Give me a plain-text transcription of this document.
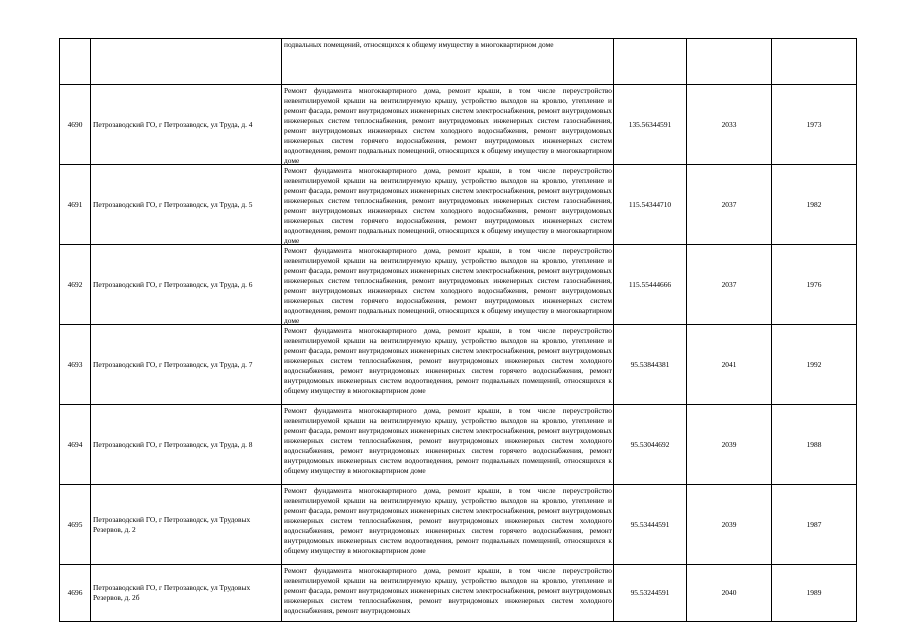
		подвальных помещений, относящихся к общему имуществу в многоквартирном доме			

4690	Петрозаводский ГО, г Петрозаводск, ул Труда, д. 4	Ремонт фундамента многоквартирного дома, ремонт крыши, в том числе переустройство невентилируемой крыши на вентилируемую крышу, устройство выходов на кровлю, утепление и ремонт фасада, ремонт внутридомовых инженерных систем электроснабжения, ремонт внутридомовых инженерных систем теплоснабжения, ремонт внутридомовых инженерных систем газоснабжения, ремонт внутридомовых инженерных систем холодного водоснабжения, ремонт внутридомовых инженерных систем горячего водоснабжения, ремонт внутридомовых инженерных систем водоотведения, ремонт подвальных помещений, относящихся к общему имуществу в многоквартирном доме	135.56344591	2033	1973
4691	Петрозаводский ГО, г Петрозаводск, ул Труда, д. 5	Ремонт фундамента многоквартирного дома, ремонт крыши, в том числе переустройство невентилируемой крыши на вентилируемую крышу, устройство выходов на кровлю, утепление и ремонт фасада, ремонт внутридомовых инженерных систем электроснабжения, ремонт внутридомовых инженерных систем теплоснабжения, ремонт внутридомовых инженерных систем газоснабжения, ремонт внутридомовых инженерных систем холодного водоснабжения, ремонт внутридомовых инженерных систем горячего водоснабжения, ремонт внутридомовых инженерных систем водоотведения, ремонт подвальных помещений, относящихся к общему имуществу в многоквартирном доме	115.54344710	2037	1982
4692	Петрозаводский ГО, г Петрозаводск, ул Труда, д. 6	Ремонт фундамента многоквартирного дома, ремонт крыши, в том числе переустройство невентилируемой крыши на вентилируемую крышу, устройство выходов на кровлю, утепление и ремонт фасада, ремонт внутридомовых инженерных систем электроснабжения, ремонт внутридомовых инженерных систем теплоснабжения, ремонт внутридомовых инженерных систем газоснабжения, ремонт внутридомовых инженерных систем холодного водоснабжения, ремонт внутридомовых инженерных систем горячего водоснабжения, ремонт внутридомовых инженерных систем водоотведения, ремонт подвальных помещений, относящихся к общему имуществу в многоквартирном доме	115.55444666	2037	1976
4693	Петрозаводский ГО, г Петрозаводск, ул Труда, д. 7	Ремонт фундамента многоквартирного дома, ремонт крыши, в том числе переустройство невентилируемой крыши на вентилируемую крышу, устройство выходов на кровлю, утепление и ремонт фасада, ремонт внутридомовых инженерных систем электроснабжения, ремонт внутридомовых инженерных систем теплоснабжения, ремонт внутридомовых инженерных систем холодного водоснабжения, ремонт внутридомовых инженерных систем горячего водоснабжения, ремонт внутридомовых инженерных систем водоотведения, ремонт подвальных помещений, относящихся к общему имуществу в многоквартирном доме	95.53844381	2041	1992
4694	Петрозаводский ГО, г Петрозаводск, ул Труда, д. 8	Ремонт фундамента многоквартирного дома, ремонт крыши, в том числе переустройство невентилируемой крыши на вентилируемую крышу, устройство выходов на кровлю, утепление и ремонт фасада, ремонт внутридомовых инженерных систем электроснабжения, ремонт внутридомовых инженерных систем теплоснабжения, ремонт внутридомовых инженерных систем холодного водоснабжения, ремонт внутридомовых инженерных систем горячего водоснабжения, ремонт внутридомовых инженерных систем водоотведения, ремонт подвальных помещений, относящихся к общему имуществу в многоквартирном доме	95.53044692	2039	1988
4695	Петрозаводский ГО, г Петрозаводск, ул Трудовых Резервов, д. 2	Ремонт фундамента многоквартирного дома, ремонт крыши, в том числе переустройство невентилируемой крыши на вентилируемую крышу, устройство выходов на кровлю, утепление и ремонт фасада, ремонт внутридомовых инженерных систем электроснабжения, ремонт внутридомовых инженерных систем теплоснабжения, ремонт внутридомовых инженерных систем холодного водоснабжения, ремонт внутридомовых инженерных систем горячего водоснабжения, ремонт внутридомовых инженерных систем водоотведения, ремонт подвальных помещений, относящихся к общему имуществу в многоквартирном доме	95.53444591	2039	1987
4696	Петрозаводский ГО, г Петрозаводск, ул Трудовых Резервов, д. 2б	Ремонт фундамента многоквартирного дома, ремонт крыши, в том числе переустройство невентилируемой крыши на вентилируемую крышу, устройство выходов на кровлю, утепление и ремонт фасада, ремонт внутридомовых инженерных систем электроснабжения, ремонт внутридомовых инженерных систем теплоснабжения, ремонт внутридомовых инженерных систем холодного водоснабжения, ремонт внутридомовых	95.53244591	2040	1989
